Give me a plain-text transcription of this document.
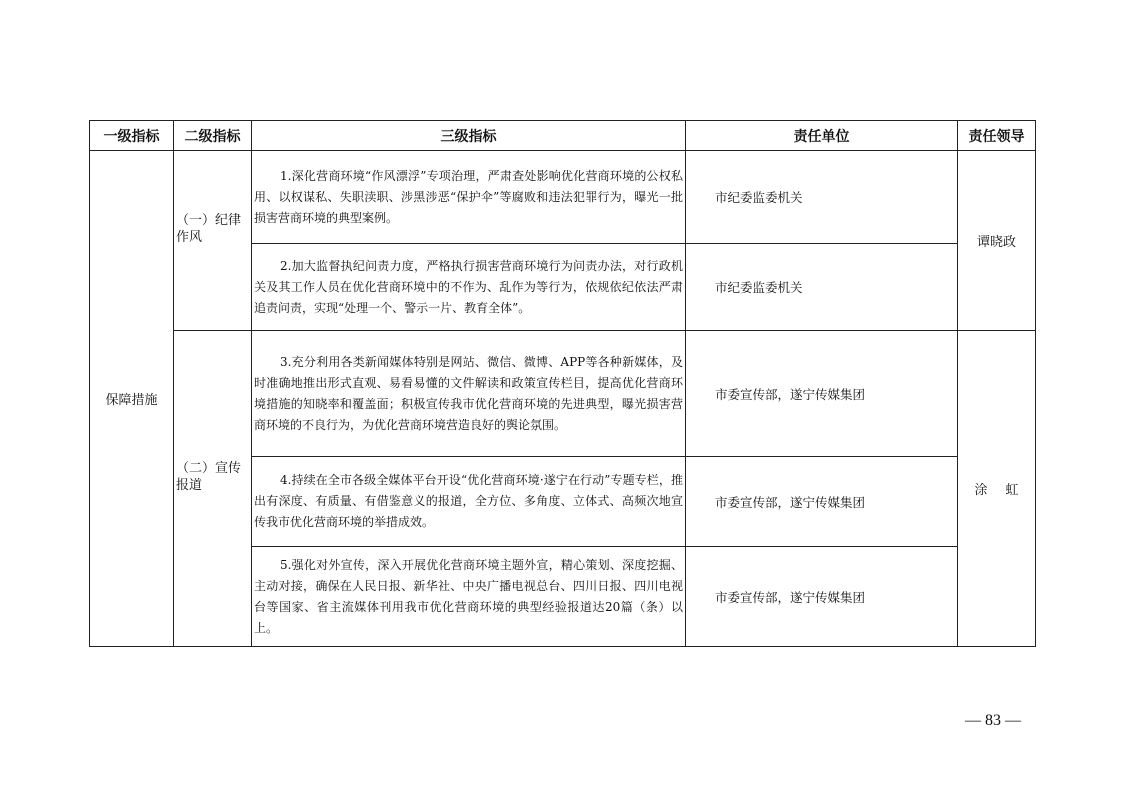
一级指标	二级指标	三级指标	责任单位	责任领导
保障措施	（一）纪律作风	1.深化营商环境“作风漂浮”专项治理，严肃查处影响优化营商环境的公权私用、以权谋私、失职渎职、涉黑涉恶“保护伞”等腐败和违法犯罪行为，曝光一批损害营商环境的典型案例。	市纪委监委机关	谭晓政
		2.加大监督执纪问责力度，严格执行损害营商环境行为问责办法，对行政机关及其工作人员在优化营商环境中的不作为、乱作为等行为，依规依纪依法严肃追责问责，实现“处理一个、警示一片、教育全体”。	市纪委监委机关	

	（二）宣传报道	3.充分利用各类新闻媒体特别是网站、微信、微博、APP等各种新媒体，及时准确地推出形式直观、易看易懂的文件解读和政策宣传栏目，提高优化营商环境措施的知晓率和覆盖面；积极宣传我市优化营商环境的先进典型，曝光损害营商环境的不良行为，为优化营商环境营造良好的舆论氛围。	市委宣传部，遂宁传媒集团	涂虹
		4.持续在全市各级全媒体平台开设“优化营商环境·遂宁在行动”专题专栏，推出有深度、有质量、有借鉴意义的报道，全方位、多角度、立体式、高频次地宣传我市优化营商环境的举措成效。	市委宣传部，遂宁传媒集团	
		5.强化对外宣传，深入开展优化营商环境主题外宣，精心策划、深度挖掘、主动对接，确保在人民日报、新华社、中央广播电视总台、四川日报、四川电视台等国家、省主流媒体刊用我市优化营商环境的典型经验报道达20篇（条）以上。	市委宣传部，遂宁传媒集团	
— 83 —
